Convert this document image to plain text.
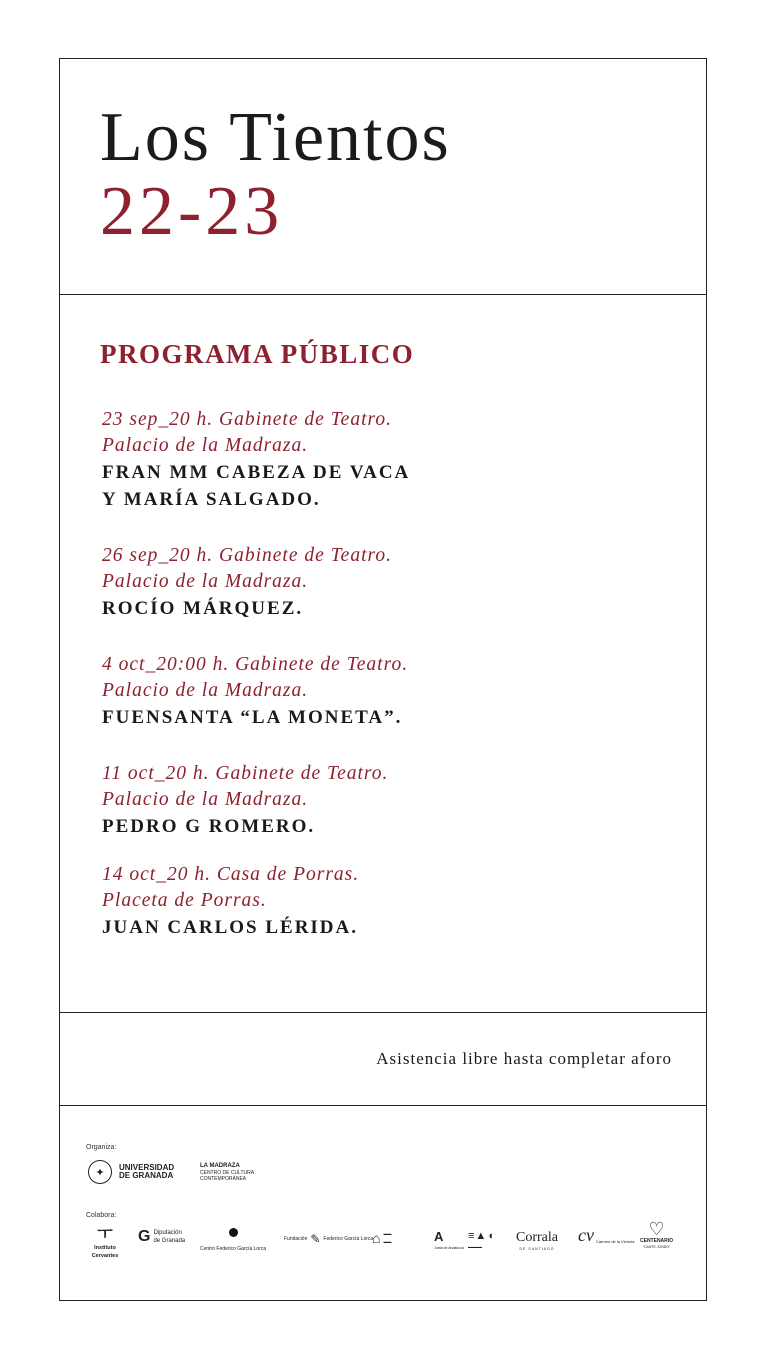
Los Tientos
22-23
PROGRAMA PÚBLICO
23 sep_20 h. Gabinete de Teatro.
Palacio de la Madraza.
FRAN MM CABEZA DE VACA
Y MARÍA SALGADO.
26 sep_20 h. Gabinete de Teatro.
Palacio de la Madraza.
ROCÍO MÁRQUEZ.
4 oct_20:00 h. Gabinete de Teatro.
Palacio de la Madraza.
FUENSANTA “LA MONETA”.
11 oct_20 h. Gabinete de Teatro.
Palacio de la Madraza.
PEDRO G ROMERO.
14 oct_20 h. Casa de Porras.
Placeta de Porras.
JUAN CARLOS LÉRIDA.

Asistencia libre hasta completar aforo

Organiza:
✦	UNIVERSIDAD
DE GRANADA
LA MADRAZA
CENTRO DE CULTURA
CONTEMPORÁNEA
Colabora:
ㅜ
Instituto Cervantes
G Diputación
de Granada
Centro Federico García Lorca
Fundación ✎ Federico García Lorca
⌂ ▬▬
▬▬	A
Junta de Andalucía
≡▲◖
▬▬▬▬
Corrala
DE SANTIAGO
cv Carmen de la Victoria
♡
CENTENARIO
"CANTE JONDO"
